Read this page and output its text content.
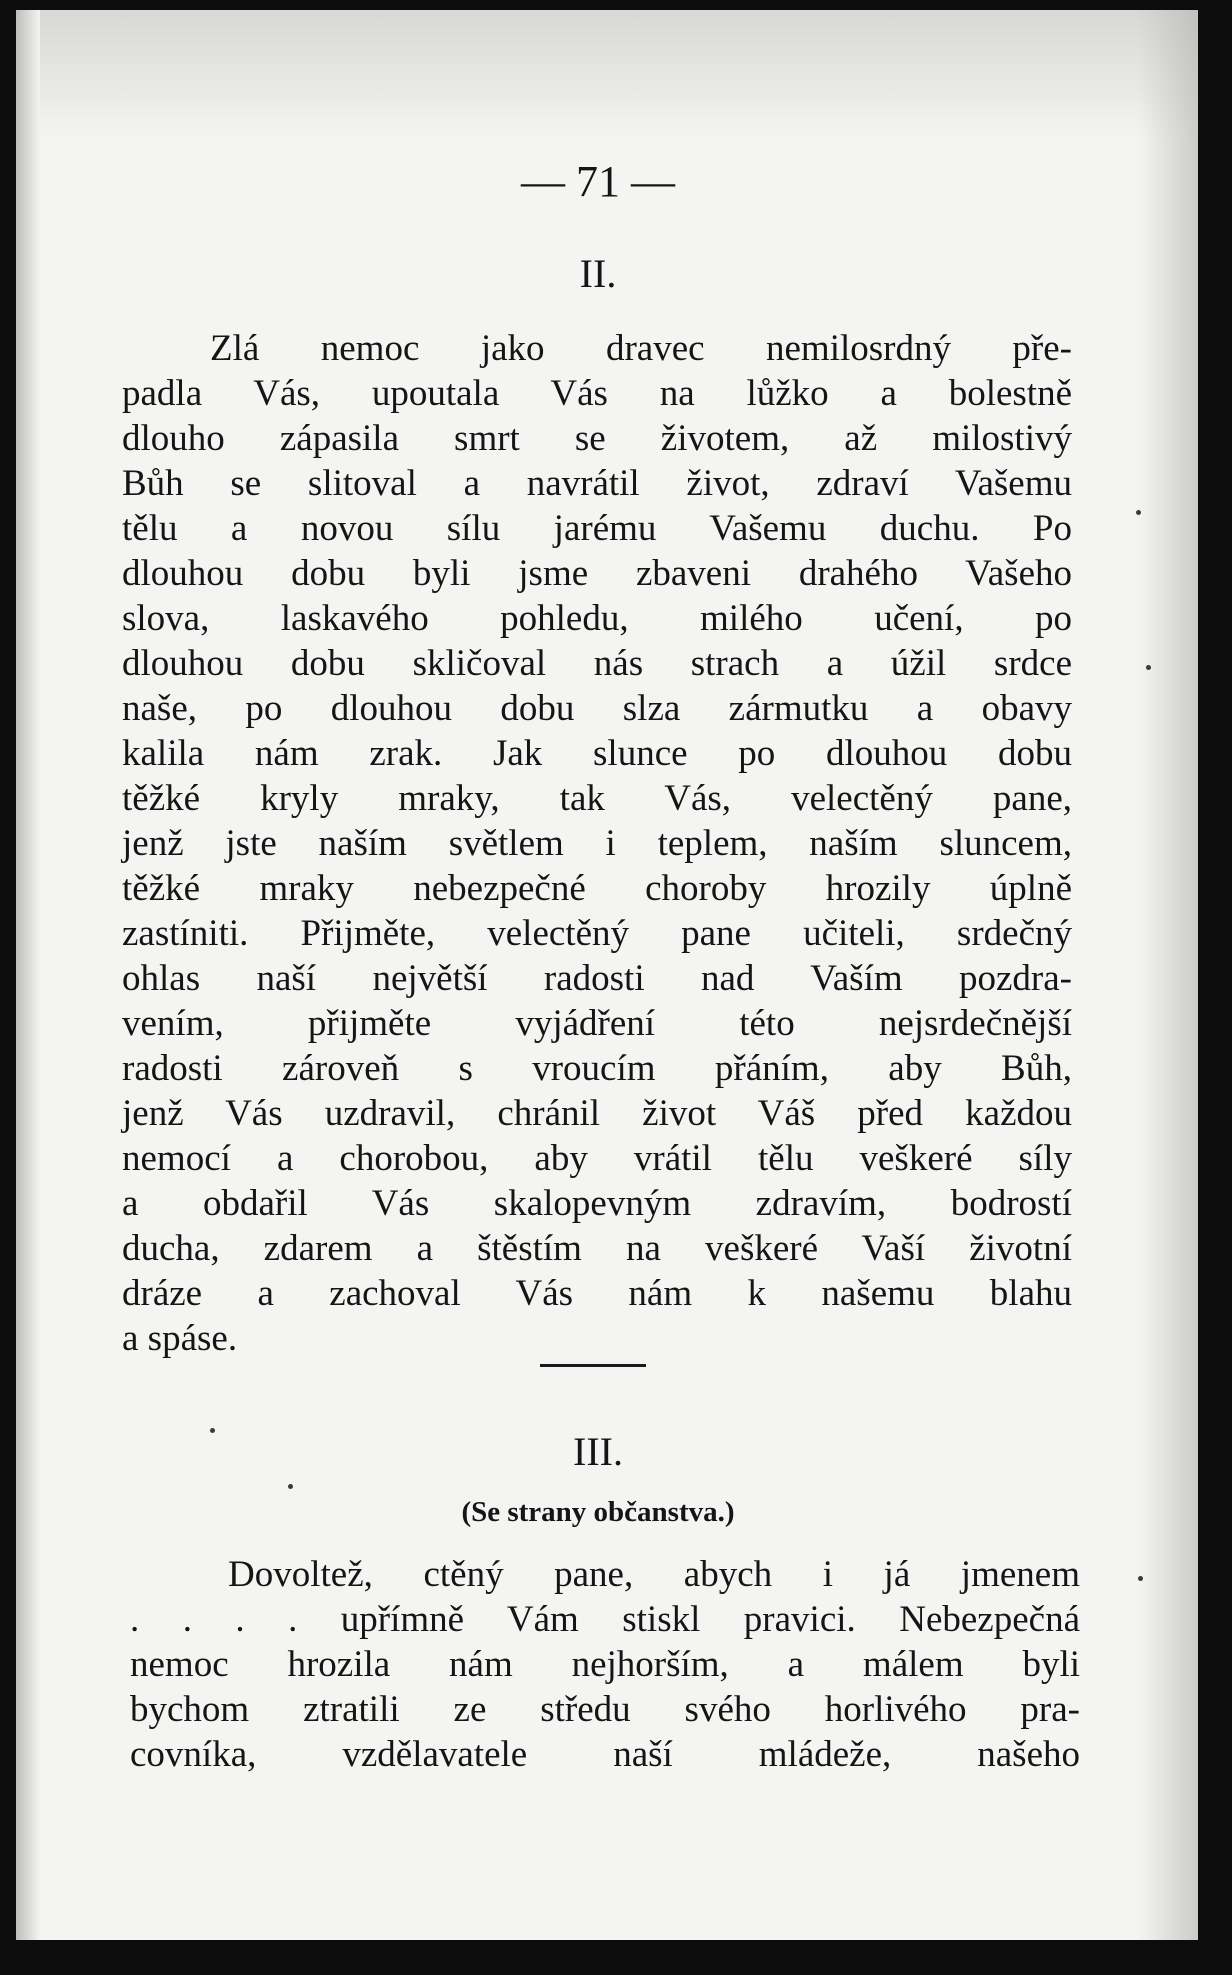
— 71 —
II.
Zlá nemoc jako dravec nemilosrdný pře-
padla Vás, upoutala Vás na lůžko a bolestně
dlouho zápasila smrt se životem, až milostivý
Bůh se slitoval a navrátil život, zdraví Vašemu
tělu a novou sílu jarému Vašemu duchu. Po
dlouhou dobu byli jsme zbaveni drahého Vašeho
slova, laskavého pohledu, milého učení, po
dlouhou dobu skličoval nás strach a úžil srdce
naše, po dlouhou dobu slza zármutku a obavy
kalila nám zrak. Jak slunce po dlouhou dobu
těžké kryly mraky, tak Vás, velectěný pane,
jenž jste naším světlem i teplem, naším sluncem,
těžké mraky nebezpečné choroby hrozily úplně
zastíniti. Přijměte, velectěný pane učiteli, srdečný
ohlas naší největší radosti nad Vaším pozdra-
vením, přijměte vyjádření této nejsrdečnější
radosti zároveň s vroucím přáním, aby Bůh,
jenž Vás uzdravil, chránil život Váš před každou
nemocí a chorobou, aby vrátil tělu veškeré síly
a obdařil Vás skalopevným zdravím, bodrostí
ducha, zdarem a štěstím na veškeré Vaší životní
dráze a zachoval Vás nám k našemu blahu
a spáse.
III.
(Se strany občanstva.)
Dovoltež, ctěný pane, abych i já jmenem
. . . . upřímně Vám stiskl pravici. Nebezpečná
nemoc hrozila nám nejhorším, a málem byli
bychom ztratili ze středu svého horlivého pra-
covníka, vzdělavatele naší mládeže, našeho
